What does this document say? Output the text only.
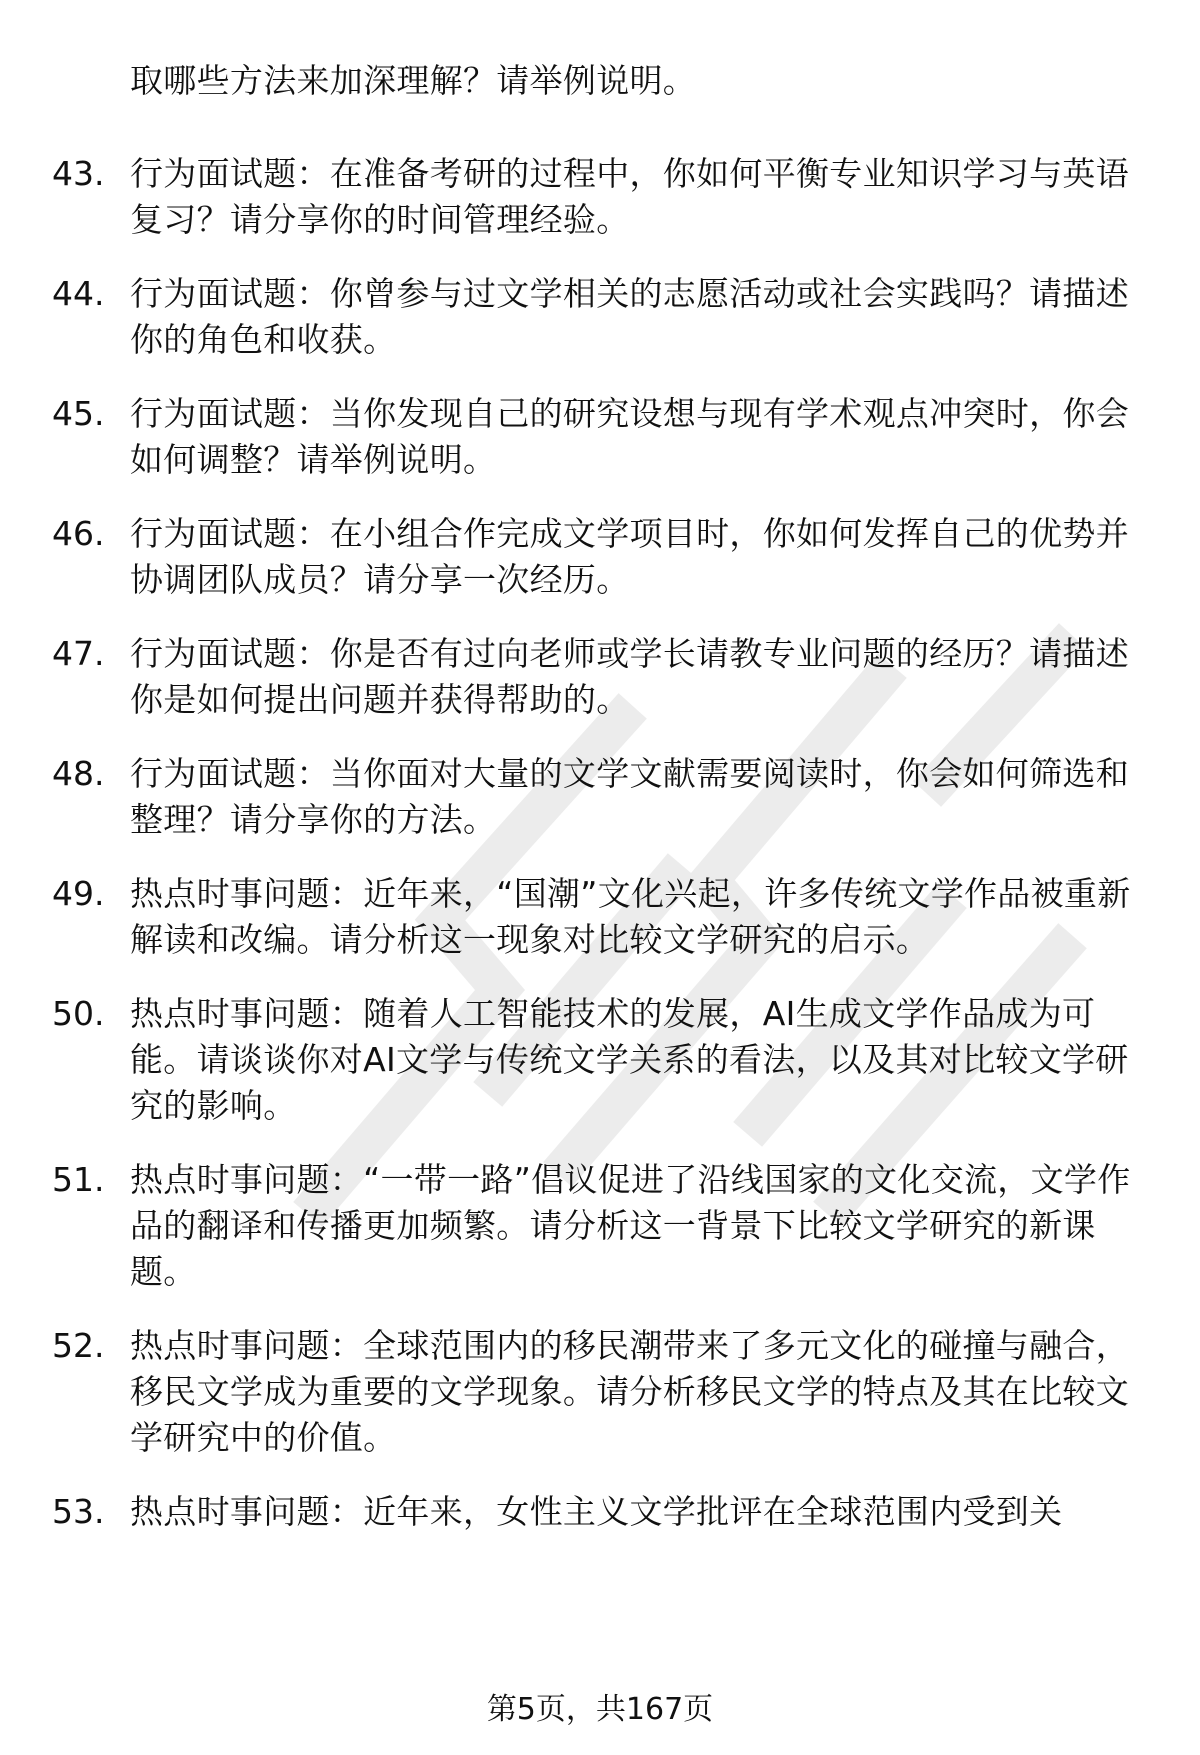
取哪些方法来加深理解？请举例说明。
43. 行为面试题：在准备考研的过程中，你如何平衡专业知识学习与英语复习？请分享你的时间管理经验。
44. 行为面试题：你曾参与过文学相关的志愿活动或社会实践吗？请描述你的角色和收获。
45. 行为面试题：当你发现自己的研究设想与现有学术观点冲突时，你会如何调整？请举例说明。
46. 行为面试题：在小组合作完成文学项目时，你如何发挥自己的优势并协调团队成员？请分享一次经历。
47. 行为面试题：你是否有过向老师或学长请教专业问题的经历？请描述你是如何提出问题并获得帮助的。
48. 行为面试题：当你面对大量的文学文献需要阅读时，你会如何筛选和整理？请分享你的方法。
49. 热点时事问题：近年来，“国潮”文化兴起，许多传统文学作品被重新解读和改编。请分析这一现象对比较文学研究的启示。
50. 热点时事问题：随着人工智能技术的发展，AI生成文学作品成为可能。请谈谈你对AI文学与传统文学关系的看法，以及其对比较文学研究的影响。
51. 热点时事问题：“一带一路”倡议促进了沿线国家的文化交流，文学作品的翻译和传播更加频繁。请分析这一背景下比较文学研究的新课题。
52. 热点时事问题：全球范围内的移民潮带来了多元文化的碰撞与融合，移民文学成为重要的文学现象。请分析移民文学的特点及其在比较文学研究中的价值。
53. 热点时事问题：近年来，女性主义文学批评在全球范围内受到关
第5页，共167页
